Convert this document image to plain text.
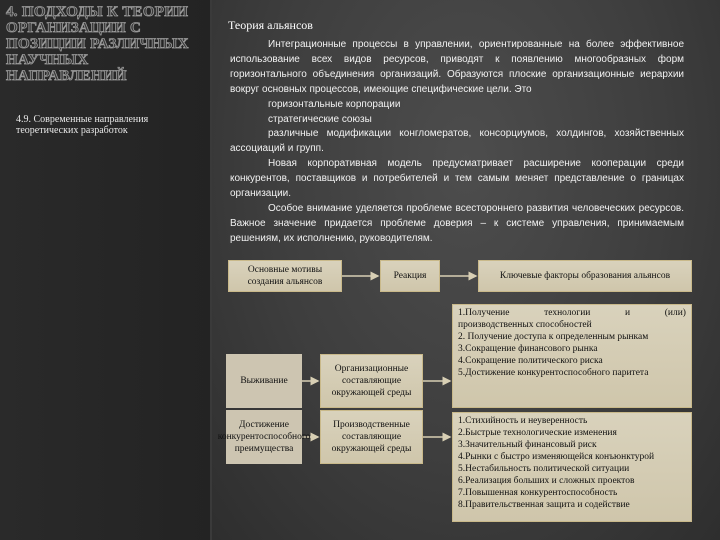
4. ПОДХОДЫ К ТЕОРИИ ОРГАНИЗАЦИИ С ПОЗИЦИИ РАЗЛИЧНЫХ НАУЧНЫХ НАПРАВЛЕНИЙ
4.9. Современные направления теоретических разработок
Теория альянсов

Интеграционные процессы в управлении, ориентированные на более эффективное использование всех видов ресурсов, приводят к появлению многообразных форм горизонтального объединения организаций. Образуются плоские организационные иерархии вокруг основных процессов, имеющие специфические цели. Это

горизонтальные корпорации

стратегические союзы

различные модификации конгломератов, консорциумов, холдингов, хозяйственных ассоциаций и групп.

Новая корпоративная модель предусматривает расширение кооперации среди конкурентов, поставщиков и потребителей и тем самым меняет представление о границах организации.

Особое внимание уделяется проблеме всестороннего развития человеческих ресурсов. Важное значение придается проблеме доверия – к системе управления, принимаемым решениям, их исполнению, руководителям.

Основные мотивы создания альянсов
Реакция	Ключевые факторы образования альянсов
Выживание
Достижение конкурентоспособного преимущества
Организационные составляющие окружающей среды
Производственные составляющие окружающей среды
1.Получение	технологии	и	(или)
производственных способностей
2. Получение доступа к определенным рынкам
3.Сокращение финансового рынка
4.Сокращение политического риска
5.Достижение конкурентоспособного паритета
1.Стихийность и неуверенность
2.Быстрые технологические изменения
3.Значительный финансовый риск
4.Рынки с быстро изменяющейся конъюнктурой
5.Нестабильность политической ситуации
6.Реализация больших и сложных проектов
7.Повышенная конкурентоспособность
8.Правительственная защита и содействие
